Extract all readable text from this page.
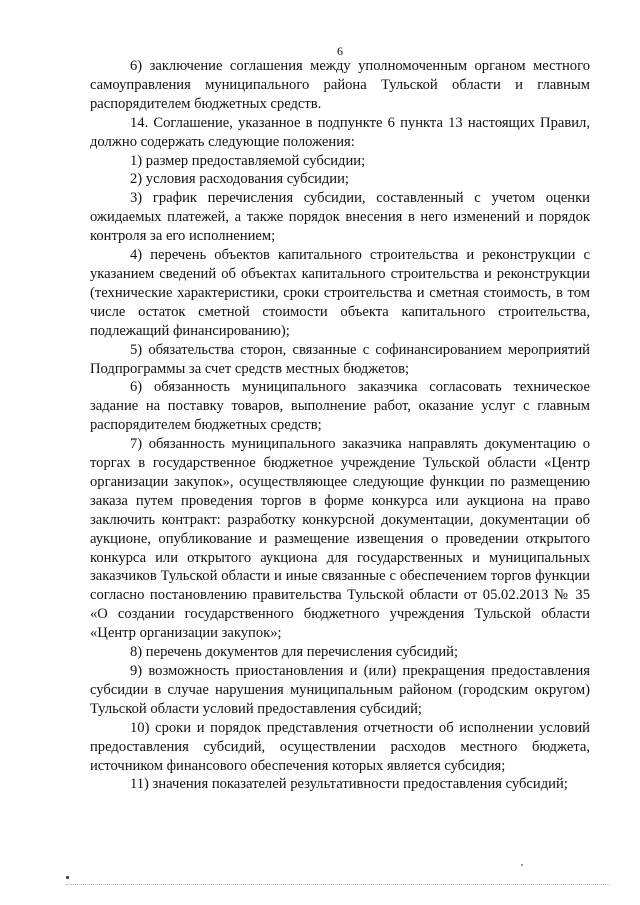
6

6) заключение соглашения между уполномоченным органом местного самоуправления муниципального района Тульской области и главным распорядителем бюджетных средств.

14. Соглашение, указанное в подпункте 6 пункта 13 настоящих Правил, должно содержать следующие положения:

1) размер предоставляемой субсидии;

2) условия расходования субсидии;

3) график перечисления субсидии, составленный с учетом оценки ожидаемых платежей, а также порядок внесения в него изменений и порядок контроля за его исполнением;

4) перечень объектов капитального строительства и реконструкции с указанием сведений об объектах капитального строительства и реконструкции (технические характеристики, сроки строительства и сметная стоимость, в том числе остаток сметной стоимости объекта капитального строительства, подлежащий финансированию);

5) обязательства сторон, связанные с софинансированием мероприятий Подпрограммы за счет средств местных бюджетов;

6) обязанность муниципального заказчика согласовать техническое задание на поставку товаров, выполнение работ, оказание услуг с главным распорядителем бюджетных средств;

7) обязанность муниципального заказчика направлять документацию о торгах в государственное бюджетное учреждение Тульской области «Центр организации закупок», осуществляющее следующие функции по размещению заказа путем проведения торгов в форме конкурса или аукциона на право заключить контракт: разработку конкурсной документации, документации об аукционе, опубликование и размещение извещения о проведении открытого конкурса или открытого аукциона для государственных и муниципальных заказчиков Тульской области и иные связанные с обеспечением торгов функции согласно постановлению правительства Тульской области от 05.02.2013 № 35 «О создании государственного бюджетного учреждения Тульской области «Центр организации закупок»;

8) перечень документов для перечисления субсидий;

9) возможность приостановления и (или) прекращения предоставления субсидии в случае нарушения муниципальным районом (городским округом) Тульской области условий предоставления субсидий;

10) сроки и порядок представления отчетности об исполнении условий предоставления субсидий, осуществлении расходов местного бюджета, источником финансового обеспечения которых является субсидия;

11) значения показателей результативности предоставления субсидий;
